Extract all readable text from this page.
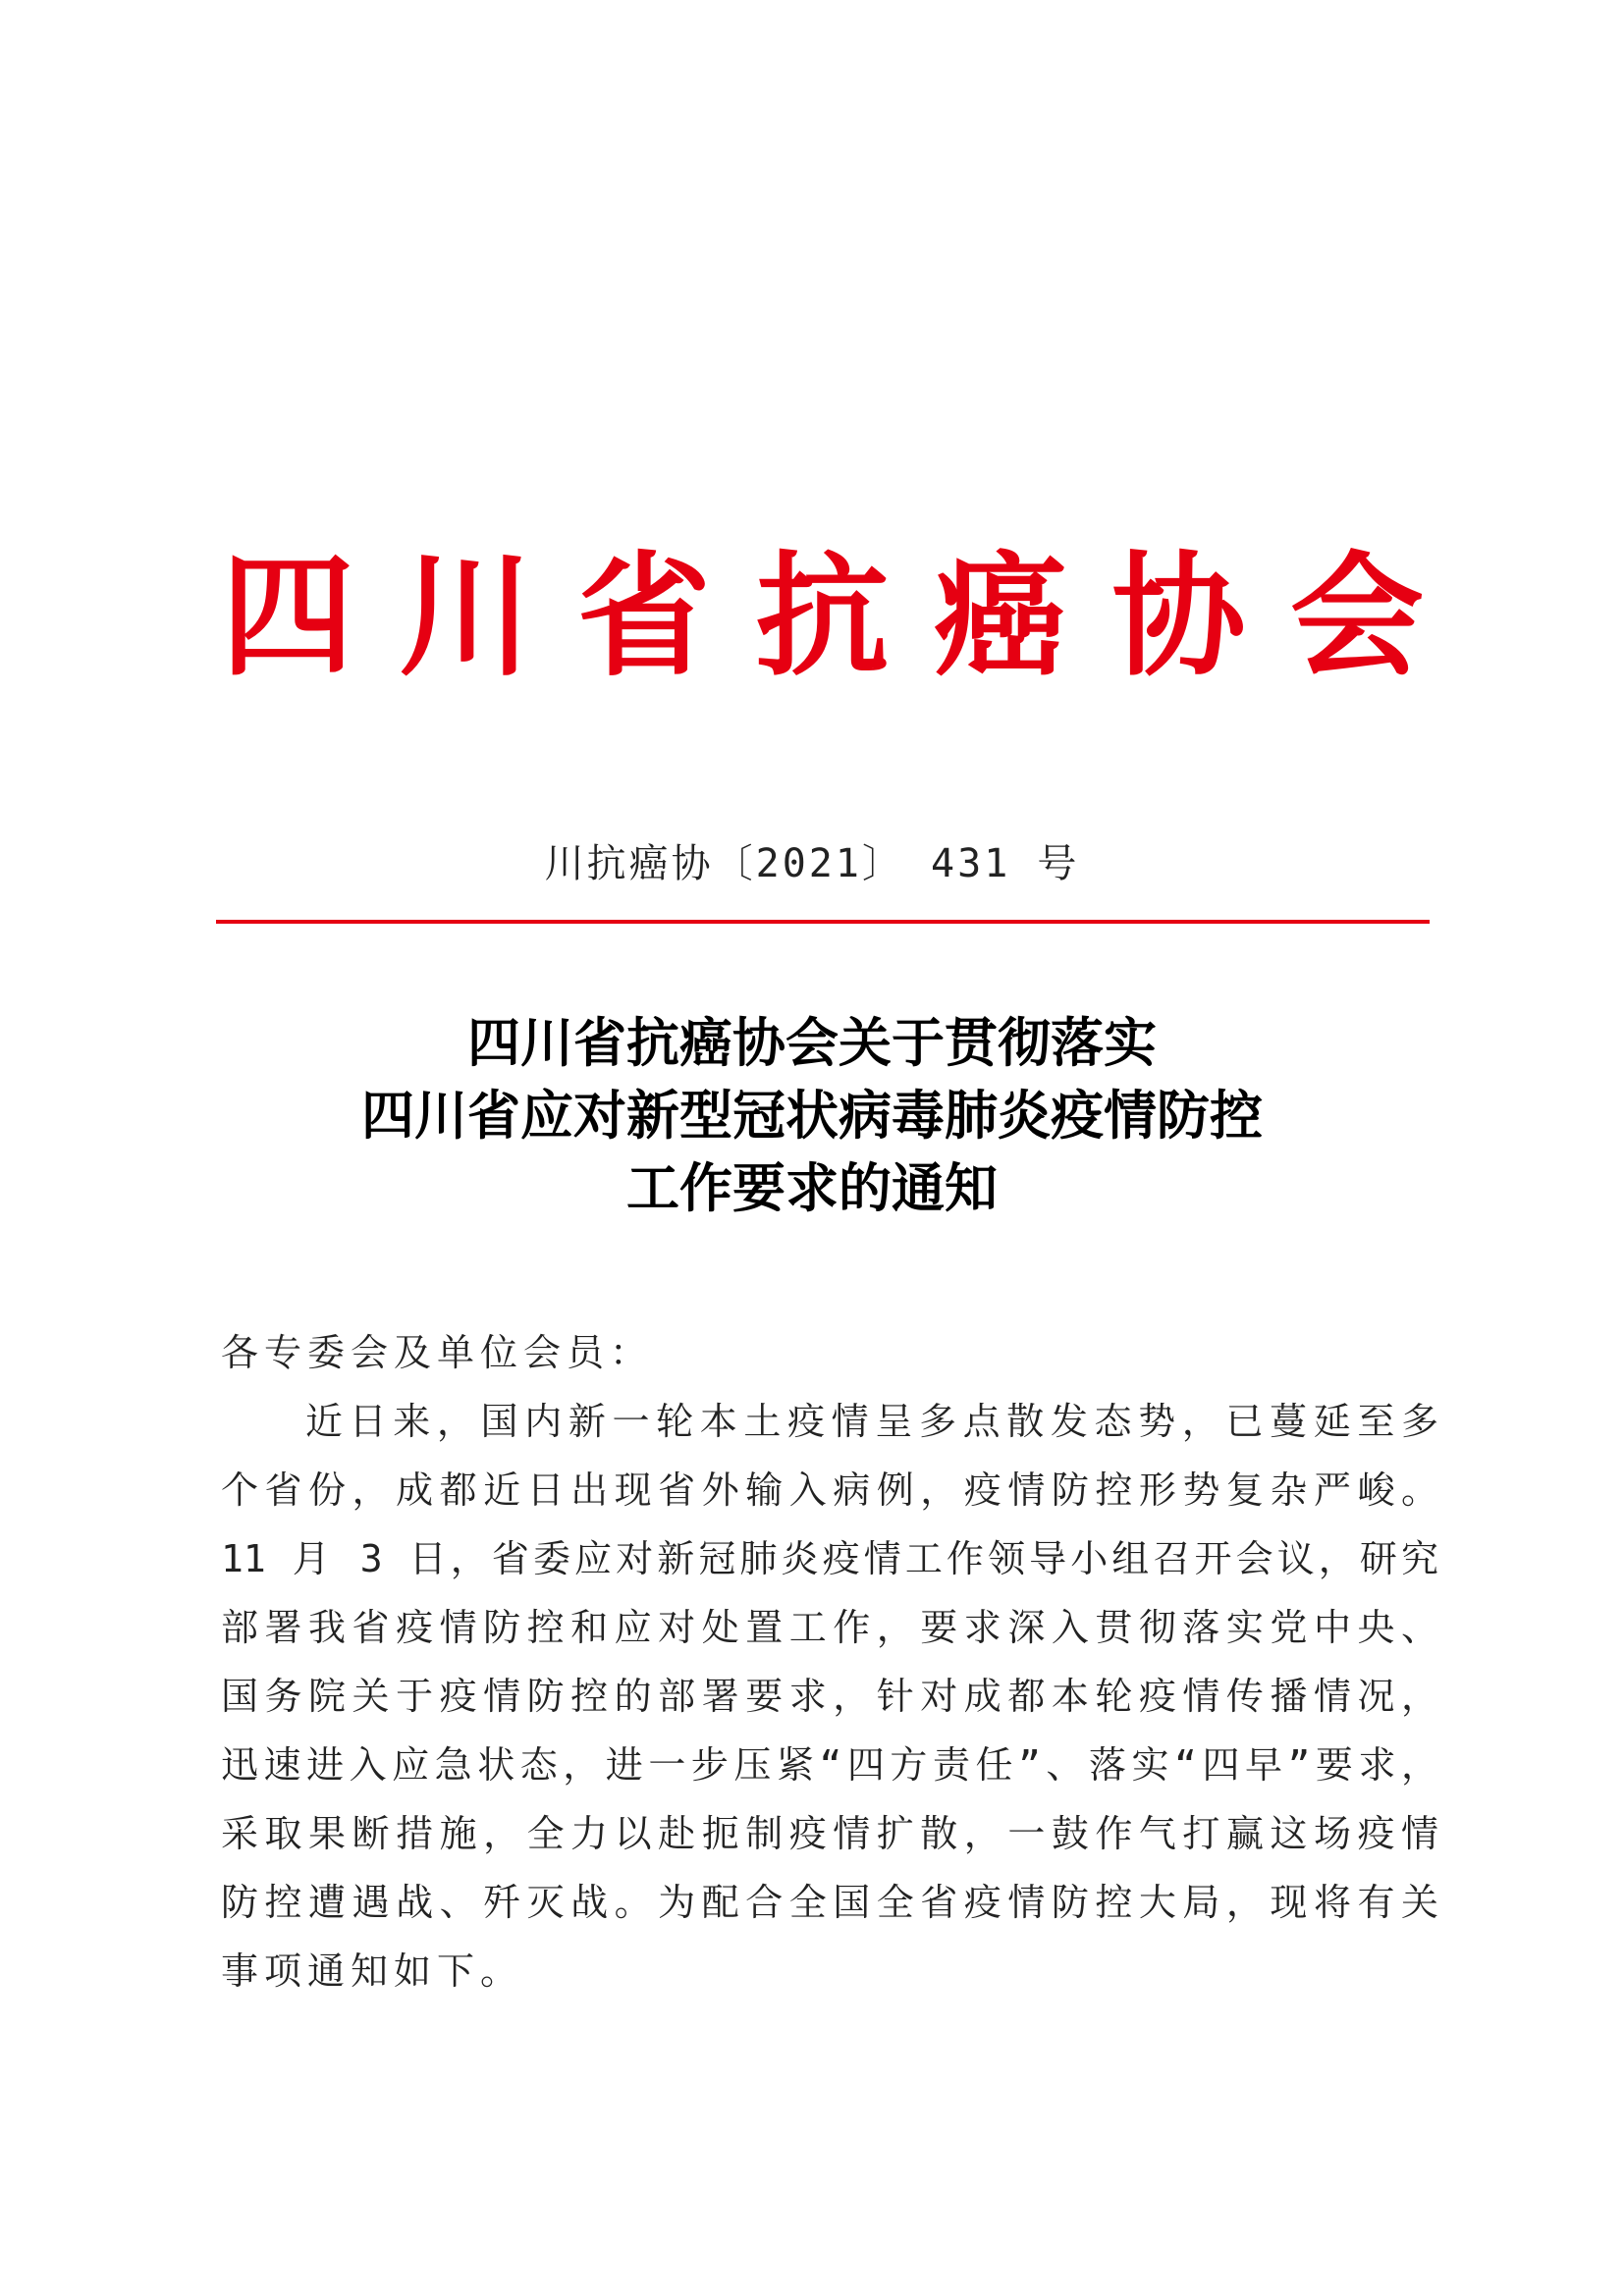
四 川 省 抗 癌 协 会
川抗癌协〔2021〕 431 号
四川省抗癌协会关于贯彻落实
四川省应对新型冠状病毒肺炎疫情防控
工作要求的通知
各专委会及单位会员：
近日来，国内新一轮本土疫情呈多点散发态势，已蔓延至多
个省份，成都近日出现省外输入病例，疫情防控形势复杂严峻。
11 月 3 日，省委应对新冠肺炎疫情工作领导小组召开会议，研究
部署我省疫情防控和应对处置工作，要求深入贯彻落实党中央、
国务院关于疫情防控的部署要求，针对成都本轮疫情传播情况，
迅速进入应急状态，进一步压紧“四方责任”、落实“四早”要求，
采取果断措施，全力以赴扼制疫情扩散，一鼓作气打赢这场疫情
防控遭遇战、歼灭战。为配合全国全省疫情防控大局，现将有关
事项通知如下。
